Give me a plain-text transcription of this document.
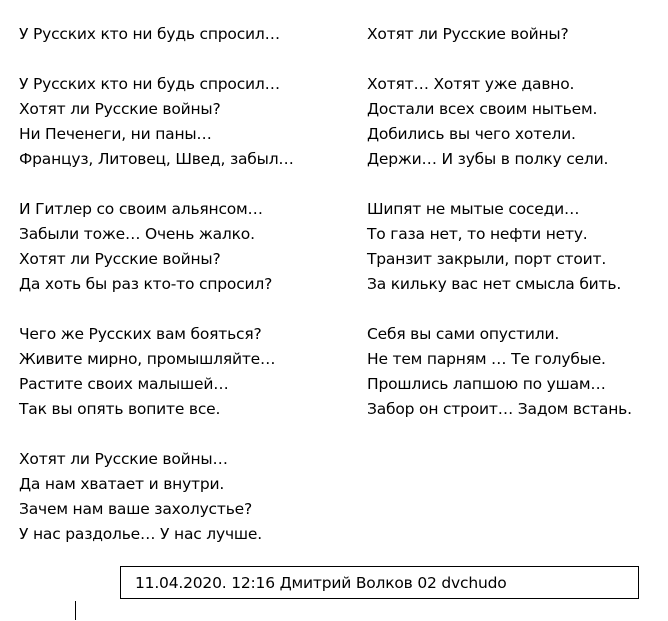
У Русских кто ни будь спросил…
У Русских кто ни будь спросил…
Хотят ли Русские войны?
Ни Печенеги, ни паны…
Француз, Литовец, Швед, забыл…
И Гитлер со своим альянсом…
Забыли тоже… Очень жалко.
Хотят ли Русские войны?
Да хоть бы раз кто-то спросил?
Чего же Русских вам бояться?
Живите мирно, промышляйте…
Растите своих малышей…
Так вы опять вопите все.
Хотят ли Русские войны…
Да нам хватает и внутри.
Зачем нам ваше захолустье?
У нас раздолье… У нас лучше.
Хотят ли Русские войны?
Хотят… Хотят уже давно.
Достали всех своим нытьем.
Добились вы чего хотели.
Держи… И зубы в полку сели.
Шипят не мытые соседи…
То газа нет, то нефти нету.
Транзит закрыли, порт стоит.
За кильку вас нет смысла бить.
Себя вы сами опустили.
Не тем парням … Те голубые.
Прошлись лапшою по ушам…
Забор он строит… Задом встань.
11.04.2020. 12:16 Дмитрий Волков 02 dvchudo
